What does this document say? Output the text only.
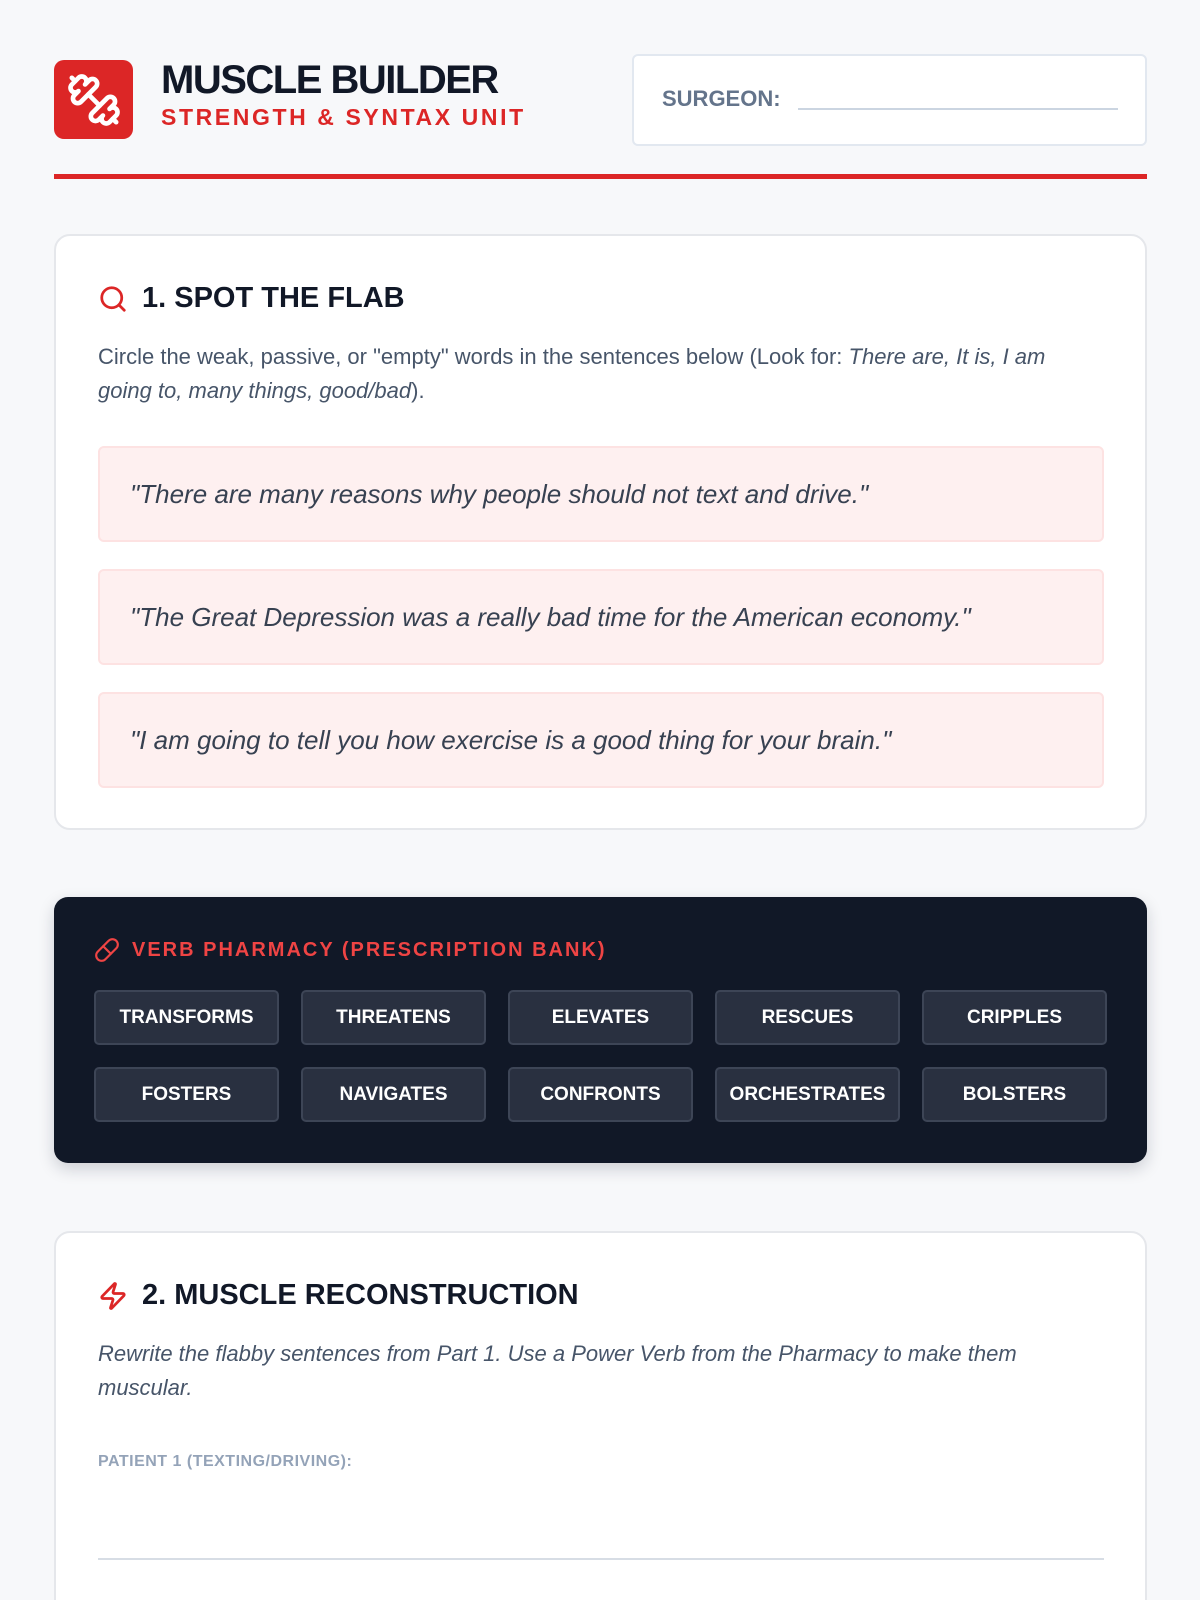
MUSCLE BUILDER
STRENGTH & SYNTAX UNIT
SURGEON:
1. SPOT THE FLAB

Circle the weak, passive, or "empty" words in the sentences below (Look for: There are, It is, I am going to, many things, good/bad).

"There are many reasons why people should not text and drive."
"The Great Depression was a really bad time for the American economy."
"I am going to tell you how exercise is a good thing for your brain."
VERB PHARMACY (PRESCRIPTION BANK)
TRANSFORMS	THREATENS	ELEVATES	RESCUES	CRIPPLES
FOSTERS	NAVIGATES	CONFRONTS	ORCHESTRATES	BOLSTERS
2. MUSCLE RECONSTRUCTION

Rewrite the flabby sentences from Part 1. Use a Power Verb from the Pharmacy to make them muscular.

PATIENT 1 (TEXTING/DRIVING):
